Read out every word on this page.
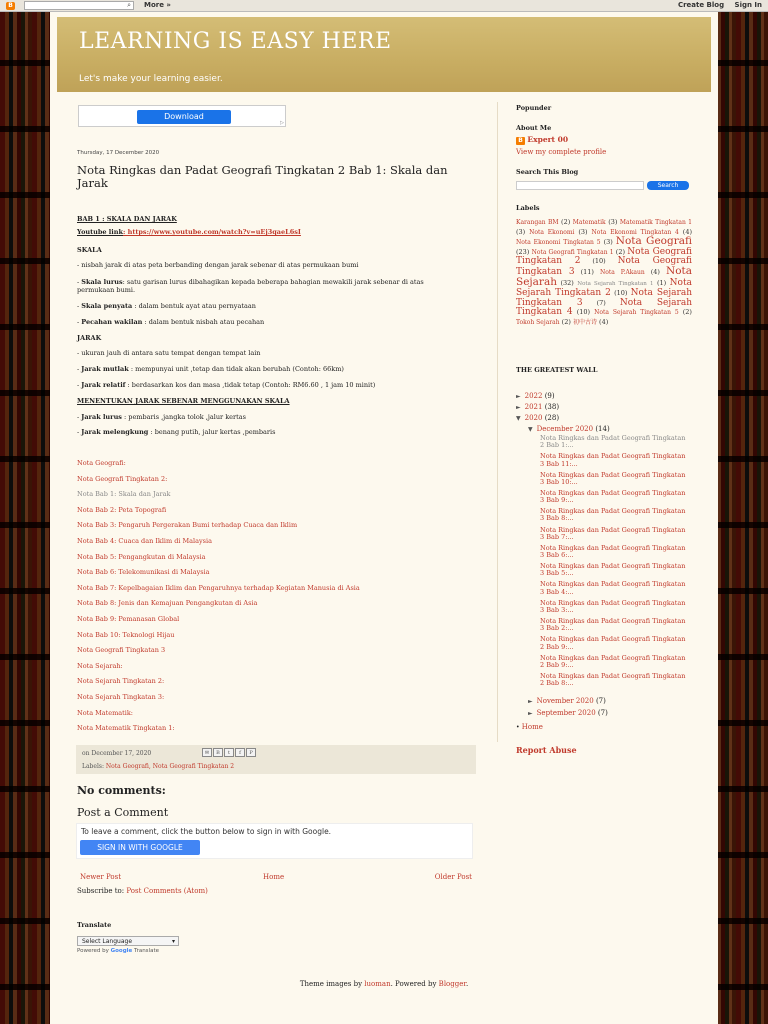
B	⌕ More »	Create Blog Sign In
LEARNING IS EASY HERE
Let's make your learning easier.
Download
▷
Thursday, 17 December 2020
Nota Ringkas dan Padat Geografi Tingkatan 2 Bab 1: Skala dan Jarak
BAB 1 : SKALA DAN JARAK
Youtube link: https://www.youtube.com/watch?v=uEj3qaeL6sI
SKALA
- nisbah jarak di atas peta berbanding dengan jarak sebenar di atas permukaan bumi
- Skala lurus: satu garisan lurus dibahagikan kepada beberapa bahagian mewakili jarak sebenar di atas permukaan bumi.
- Skala penyata : dalam bentuk ayat atau pernyataan
- Pecahan wakilan : dalam bentuk nisbah atau pecahan
JARAK
- ukuran jauh di antara satu tempat dengan tempat lain
- Jarak mutlak : mempunyai unit ,tetap dan tidak akan berubah (Contoh: 66km)
- Jarak relatif : berdasarkan kos dan masa ,tidak tetap (Contoh: RM6.60 , 1 jam 10 minit)
MENENTUKAN JARAK SEBENAR MENGGUNAKAN SKALA
- Jarak lurus : pembaris ,jangka tolok ,jalur kertas
- Jarak melengkung : benang putih, jalur kertas ,pembaris
Nota Geografi:
Nota Geografi Tingkatan 2:
Nota Bab 1: Skala dan Jarak
Nota Bab 2: Peta Topografi
Nota Bab 3: Pengaruh Pergerakan Bumi terhadap Cuaca dan Iklim
Nota Bab 4: Cuaca dan Iklim di Malaysia
Nota Bab 5: Pengangkutan di Malaysia
Nota Bab 6: Telekomunikasi di Malaysia
Nota Bab 7: Kepelbagaian Iklim dan Pengaruhnya terhadap Kegiatan Manusia di Asia
Nota Bab 8: Jenis dan Kemajuan Pengangkutan di Asia
Nota Bab 9: Pemanasan Global
Nota Bab 10: Teknologi Hijau
Nota Geografi Tingkatan 3
Nota Sejarah:
Nota Sejarah Tingkatan 2:
Nota Sejarah Tingkatan 3:
Nota Matematik:
Nota Matematik Tingkatan 1:
on December 17, 2020	✉ B t f P
Labels: Nota Geografi, Nota Geografi Tingkatan 2
No comments:
Post a Comment
To leave a comment, click the button below to sign in with Google.
SIGN IN WITH GOOGLE
Newer Post	Home	Older Post
Subscribe to: Post Comments (Atom)
Translate
Select Language	▾
Powered by Google Translate
Theme images by luoman. Powered by Blogger.
Popunder
About Me
B Expert 00
View my complete profile
Search This Blog
Search
Labels
Karangan BM (2) Matematik (3) Matematik Tingkatan 1 (3) Nota Ekonomi (3) Nota Ekonomi Tingkatan 4 (4) Nota Ekonomi Tingkatan 5 (3) Nota Geografi (23) Nota Geografi Tingkatan 1 (2) Nota Geografi Tingkatan 2 (10) Nota Geografi Tingkatan 3 (11) Nota P.Akaun (4) Nota Sejarah (32) Nota Sejarah Tingkatan 1 (1) Nota Sejarah Tingkatan 2 (10) Nota Sejarah Tingkatan 3 (7) Nota Sejarah Tingkatan 4 (10) Nota Sejarah Tingkatan 5 (2) Tokoh Sejarah (2) 初中古诗 (4)
THE GREATEST WALL
► 2022 (9)
► 2021 (38)
▼ 2020 (28)
▼ December 2020 (14)
Nota Ringkas dan Padat Geografi Tingkatan 2 Bab 1:...
Nota Ringkas dan Padat Geografi Tingkatan 3 Bab 11:...
Nota Ringkas dan Padat Geografi Tingkatan 3 Bab 10:...
Nota Ringkas dan Padat Geografi Tingkatan 3 Bab 9:...
Nota Ringkas dan Padat Geografi Tingkatan 3 Bab 8:...
Nota Ringkas dan Padat Geografi Tingkatan 3 Bab 7:...
Nota Ringkas dan Padat Geografi Tingkatan 3 Bab 6:...
Nota Ringkas dan Padat Geografi Tingkatan 3 Bab 5:...
Nota Ringkas dan Padat Geografi Tingkatan 3 Bab 4:...
Nota Ringkas dan Padat Geografi Tingkatan 3 Bab 3:...
Nota Ringkas dan Padat Geografi Tingkatan 3 Bab 2:...
Nota Ringkas dan Padat Geografi Tingkatan 2 Bab 9:...
Nota Ringkas dan Padat Geografi Tingkatan 2 Bab 9:...
Nota Ringkas dan Padat Geografi Tingkatan 2 Bab 8:...
► November 2020 (7)
► September 2020 (7)
• Home
Report Abuse
